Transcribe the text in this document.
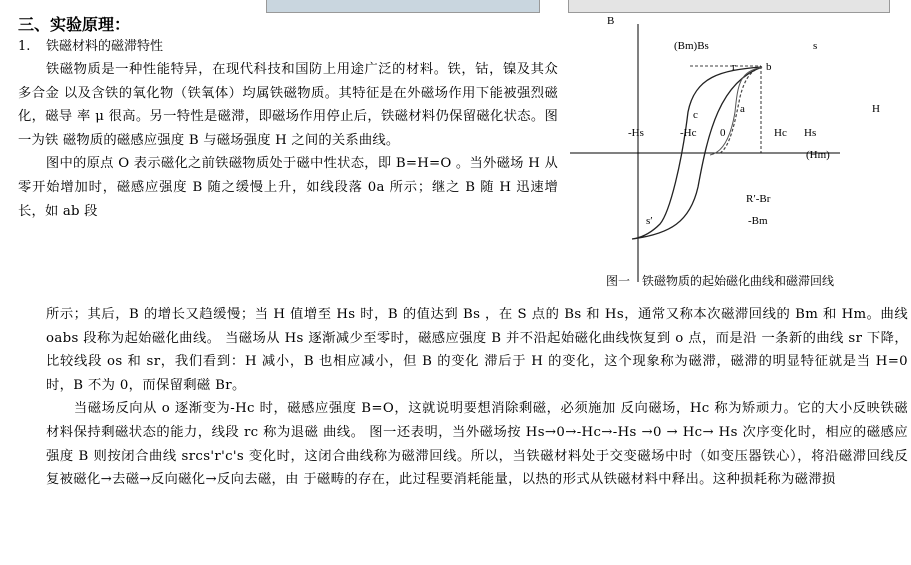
三、实验原理：
1. 铁磁材料的磁滞特性

铁磁物质是一种性能特异，在现代科技和国防上用途广泛的材料。铁，钴，镍及其众多合金 以及含铁的氧化物（铁氧体）均属铁磁物质。其特征是在外磁场作用下能被强烈磁化，磁导 率 μ 很高。另一特性是磁滞，即磁场作用停止后，铁磁材料仍保留磁化状态。图一为铁 磁物质的磁感应强度 B 与磁场强度 H 之间的关系曲线。

图中的原点 O 表示磁化之前铁磁物质处于磁中性状态，即 B=H=O 。当外磁场 H 从 零开始增加时，磁感应强度 B 随之缓慢上升，如线段落 0a 所示；继之 B 随 H 迅速增长，如 ab 段

B
(Bm)Bs	s
r	b
a
c	H
-Hs	-Hc 0	Hc Hs
(Hm)
R′-Br
-Bm
s′
图一　铁磁物质的起始磁化曲线和磁滞回线

所示；其后，B 的增长又趋缓慢；当 H 值增至 Hs 时，B 的值达到 Bs ，在 S 点的 Bs 和 Hs，通常又称本次磁滞回线的 Bm 和 Hm。曲线 oabs 段称为起始磁化曲线。 当磁场从 Hs 逐渐减少至零时，磁感应强度 B 并不沿起始磁化曲线恢复到 o 点，而是沿 一条新的曲线 sr 下降，比较线段 os 和 sr，我们看到：H 减小，B 也相应减小，但 B 的变化 滞后于 H 的变化，这个现象称为磁滞，磁滞的明显特征就是当 H=0 时，B 不为 0，而保留剩磁 Br。

当磁场反向从 o 逐渐变为-Hc 时，磁感应强度 B=O，这就说明要想消除剩磁，必须施加 反向磁场，Hc 称为矫顽力。它的大小反映铁磁材料保持剩磁状态的能力，线段 rc 称为退磁 曲线。 图一还表明，当外磁场按 Hs→0→-Hc→-Hs →0 → Hc→ Hs 次序变化时，相应的磁感应强度 B 则按闭合曲线 srcs'r'c's 变化时，这闭合曲线称为磁滞回线。所以，当铁磁材料处于交变磁场中时（如变压器铁心），将沿磁滞回线反复被磁化→去磁→反向磁化→反向去磁，由 于磁畴的存在，此过程要消耗能量，以热的形式从铁磁材料中释出。这种损耗称为磁滞损
